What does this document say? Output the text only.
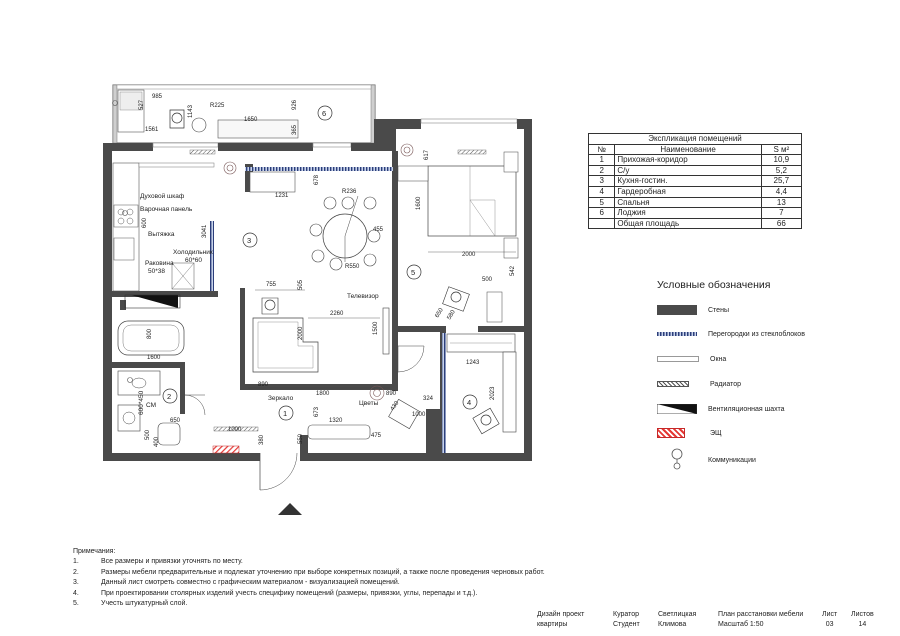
985
527
1143
1561
R225
1650
926
365
6
Духовой шкаф
Варочная панель
Вытяжка
Холодильник
60*60
Раковина
50*38
600
3041
3
678
1231
R236
455
R550
Телевизор
755	505
2260
2000	1500
800
1600
СМ
600*450
650
400
500
2	Зеркало
Цветы
890
1800	890
1320
673
550	475
1000
380
430
324
1000
1
617
1600
2000
500
542
650 580
5
1243
2023
4
Экспликация помещений		
№	Наименование	S м²
1	Прихожая-коридор	10,9
2	С/у	5,2
3	Кухня-гостин.	25,7
4	Гардеробная	4,4
5	Спальня	13
6	Лоджия	7
	Общая площадь	66
Условные обозначения
Стены
Перегородки из стеклоблоков
Окна
Радиатор
Вентиляционная шахта
ЭЩ
Коммуникации
Примечания:
1.	Все размеры и привязки уточнять по месту.
2.	Размеры мебели предварительные и подлежат уточнению при выборе конкретных позиций, а также после проведения черновых работ.
3.	Данный лист смотреть совместно с графическим материалом - визуализацией помещений.
4.	При проектировании столярных изделий учесть специфику помещений (размеры, привязки, углы, перепады и т.д.).
5.	Учесть штукатурный слой.
Дизайн проект
квартиры
Куратор
Студент
Светлицкая
Климова
План расстановки мебели
Масштаб 1:50
Лист
03
Листов
14
